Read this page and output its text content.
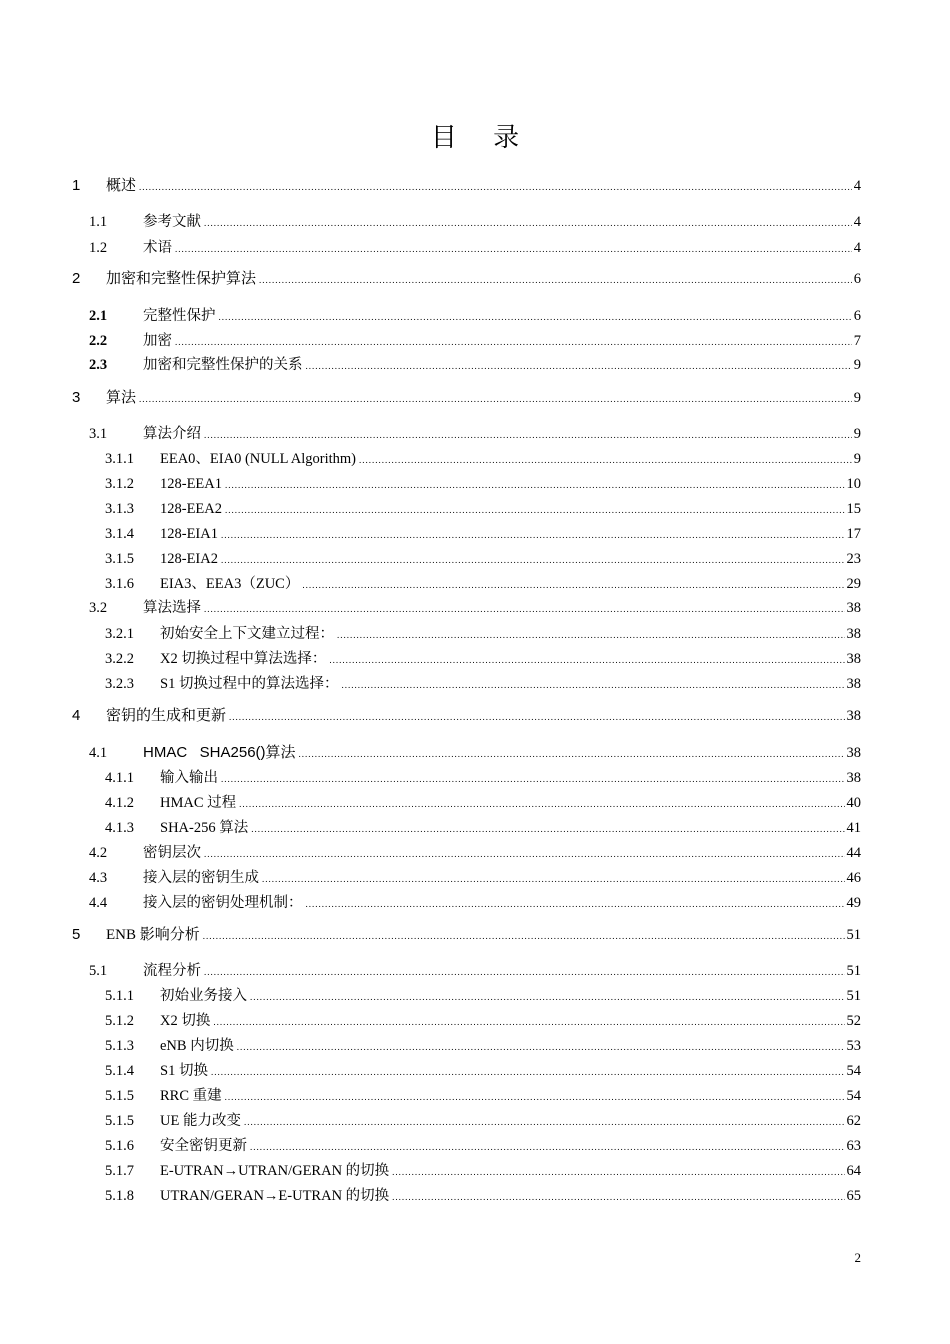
目 录
1	概述 .....	4
1.1	参考文献 .....	4
1.2	术语 .....	4
2	加密和完整性保护算法 .....	6
2.1	完整性保护 .....	6
2.2	加密 .....	7
2.3	加密和完整性保护的关系 .....	9
3	算法 .....	9
3.1	算法介绍 .....	9
3.1.1	EEA0、EIA0 (NULL Algorithm) .....	9
3.1.2	128-EEA1 .....	10
3.1.3	128-EEA2 .....	15
3.1.4	128-EIA1 .....	17
3.1.5	128-EIA2 .....	23
3.1.6	EIA3、EEA3（ZUC） .....	29
3.2	算法选择 .....	38
3.2.1	初始安全上下文建立过程： .....	38
3.2.2	X2 切换过程中算法选择： .....	38
3.2.3	S1 切换过程中的算法选择： .....	38
4	密钥的生成和更新 .....	38
4.1	HMAC   SHA256()算法 .....	38
4.1.1	输入输出 .....	38
4.1.2	HMAC 过程 .....	40
4.1.3	SHA-256 算法 .....	41
4.2	密钥层次 .....	44
4.3	接入层的密钥生成 .....	46
4.4	接入层的密钥处理机制： .....	49
5	ENB 影响分析 .....	51
5.1	流程分析 .....	51
5.1.1	初始业务接入 .....	51
5.1.2	X2 切换 .....	52
5.1.3	eNB 内切换 .....	53
5.1.4	S1 切换 .....	54
5.1.5	RRC 重建 .....	54
5.1.5	UE 能力改变 .....	62
5.1.6	安全密钥更新 .....	63
5.1.7	E-UTRAN→UTRAN/GERAN 的切换 .....	64
5.1.8	UTRAN/GERAN→E-UTRAN 的切换 .....	65
2
